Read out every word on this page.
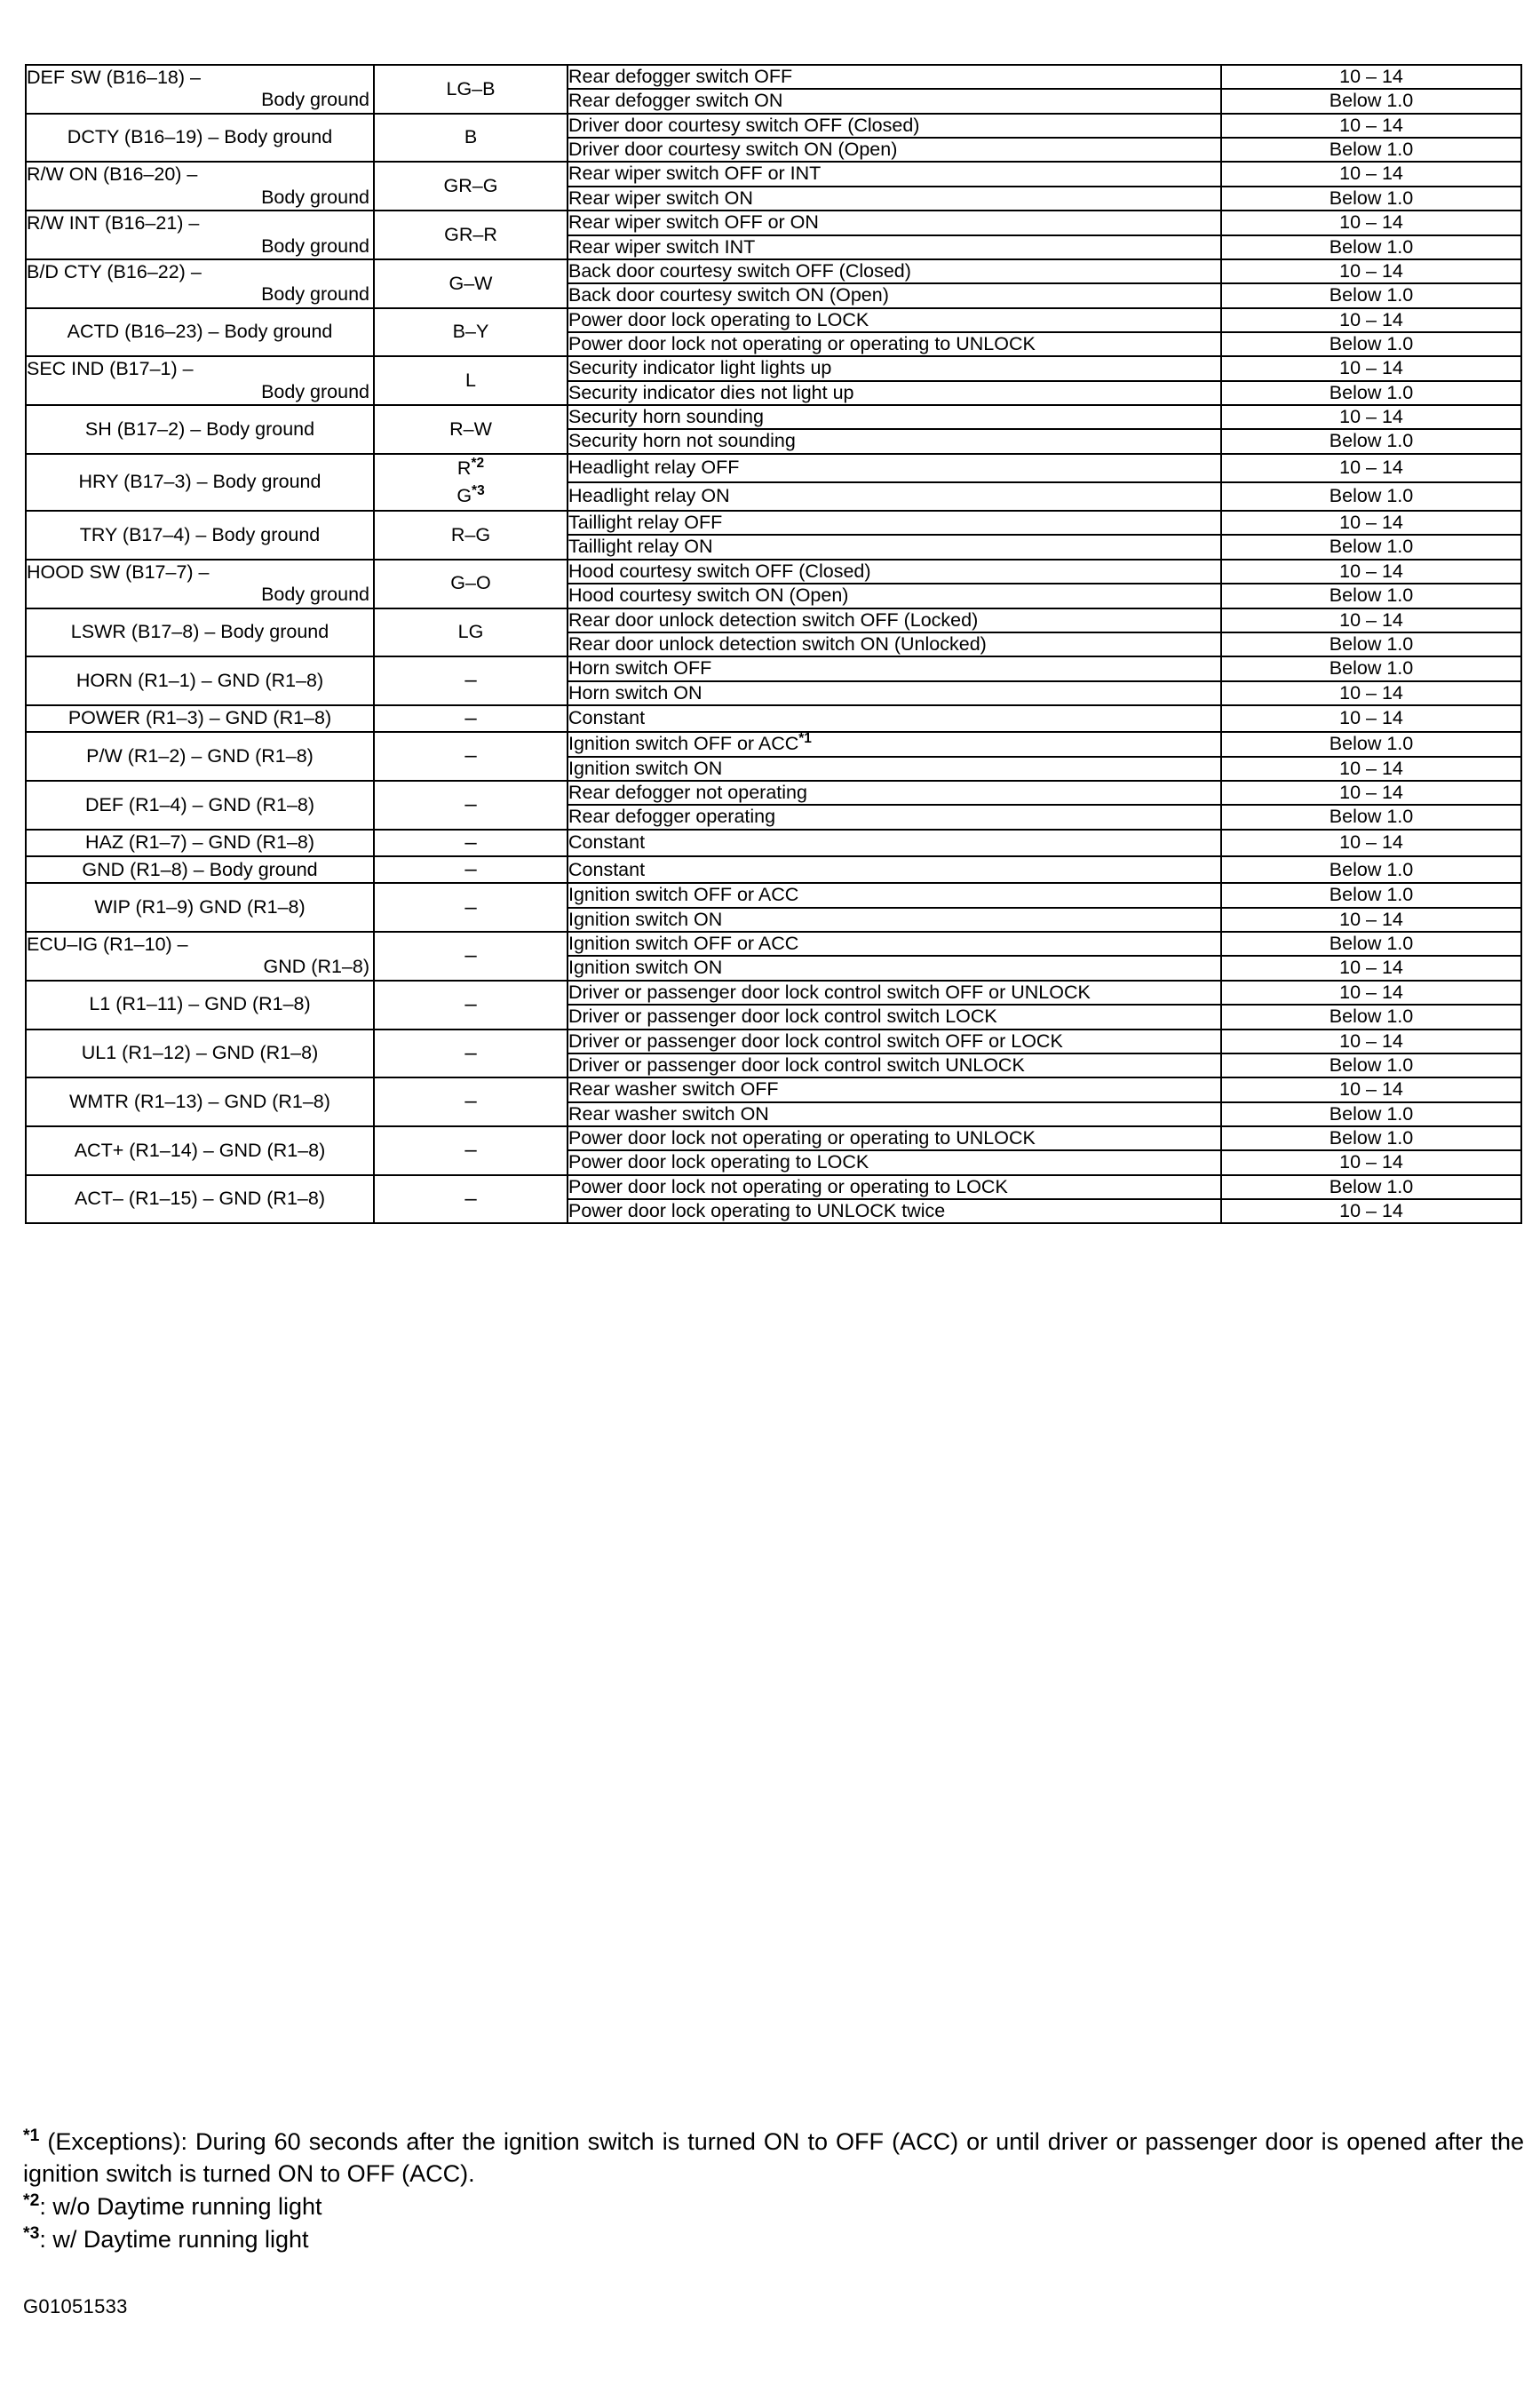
DEF SW (B16–18) –
Body ground	LG–B	Rear defogger switch OFF	10 – 14
		Rear defogger switch ON	Below 1.0

DCTY (B16–19) – Body ground	B	Driver door courtesy switch OFF (Closed)	10 – 14
		Driver door courtesy switch ON (Open)	Below 1.0

R/W ON (B16–20) –
Body ground	GR–G	Rear wiper switch OFF or INT	10 – 14
		Rear wiper switch ON	Below 1.0

R/W INT (B16–21) –
Body ground	GR–R	Rear wiper switch OFF or ON	10 – 14
		Rear wiper switch INT	Below 1.0

B/D CTY (B16–22) –
Body ground	G–W	Back door courtesy switch OFF (Closed)	10 – 14
		Back door courtesy switch ON (Open)	Below 1.0

ACTD (B16–23) – Body ground	B–Y	Power door lock operating to LOCK	10 – 14
		Power door lock not operating or operating to UNLOCK	Below 1.0

SEC IND (B17–1) –
Body ground	L	Security indicator light lights up	10 – 14
		Security indicator dies not light up	Below 1.0

SH (B17–2) – Body ground	R–W	Security horn sounding	10 – 14
		Security horn not sounding	Below 1.0

HRY (B17–3) – Body ground	R$^{*2}$
G$^{*3}$	Headlight relay OFF	10 – 14
		Headlight relay ON	Below 1.0

TRY (B17–4) – Body ground	R–G	Taillight relay OFF	10 – 14
		Taillight relay ON	Below 1.0

HOOD SW (B17–7) –
Body ground	G–O	Hood courtesy switch OFF (Closed)	10 – 14
		Hood courtesy switch ON (Open)	Below 1.0

LSWR (B17–8) – Body ground	LG	Rear door unlock detection switch OFF (Locked)	10 – 14
		Rear door unlock detection switch ON (Unlocked)	Below 1.0

HORN (R1–1) – GND (R1–8)	–	Horn switch OFF	Below 1.0
		Horn switch ON	10 – 14

POWER (R1–3) – GND (R1–8)	–	Constant	10 – 14

P/W (R1–2) – GND (R1–8)	–	Ignition switch OFF or ACC$^{*1}$	Below 1.0
		Ignition switch ON	10 – 14

DEF (R1–4) – GND (R1–8)	–	Rear defogger not operating	10 – 14
		Rear defogger operating	Below 1.0

HAZ (R1–7) – GND (R1–8)	–	Constant	10 – 14

GND (R1–8) – Body ground	–	Constant	Below 1.0

WIP (R1–9) GND (R1–8)	–	Ignition switch OFF or ACC	Below 1.0
		Ignition switch ON	10 – 14

ECU–IG (R1–10) –
GND (R1–8)	–	Ignition switch OFF or ACC	Below 1.0
		Ignition switch ON	10 – 14

L1 (R1–11) – GND (R1–8)	–	Driver or passenger door lock control switch OFF or UNLOCK	10 – 14
		Driver or passenger door lock control switch LOCK	Below 1.0

UL1 (R1–12) – GND (R1–8)	–	Driver or passenger door lock control switch OFF or LOCK	10 – 14
		Driver or passenger door lock control switch UNLOCK	Below 1.0

WMTR (R1–13) – GND (R1–8)	–	Rear washer switch OFF	10 – 14
		Rear washer switch ON	Below 1.0

ACT+ (R1–14) – GND (R1–8)	–	Power door lock not operating or operating to UNLOCK	Below 1.0
		Power door lock operating to LOCK	10 – 14

ACT– (R1–15) – GND (R1–8)	–	Power door lock not operating or operating to LOCK	Below 1.0
		Power door lock operating to UNLOCK twice	10 – 14
$^{*1}$ (Exceptions): During 60 seconds after the ignition switch is turned ON to OFF (ACC) or until driver or passenger door is opened after the ignition switch is turned ON to OFF (ACC).
$^{*2}$: w/o Daytime running light
$^{*3}$: w/ Daytime running light
G01051533
